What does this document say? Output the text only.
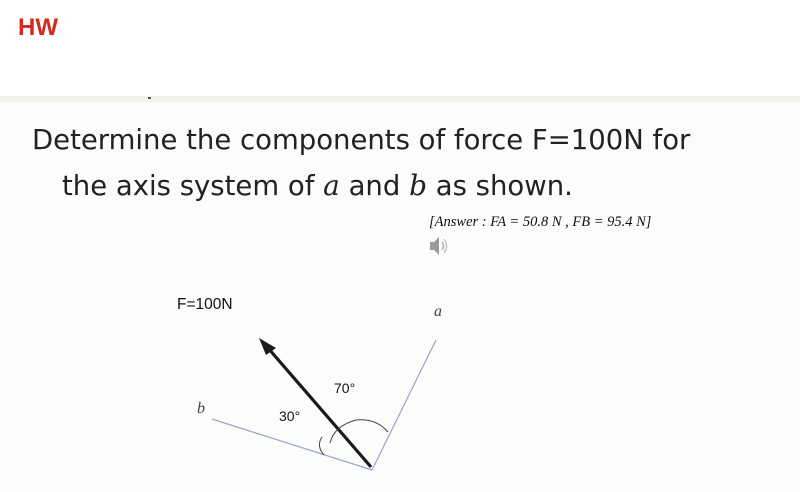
HW
Determine the components of force F=100N for
the axis system of a and b as shown.
[Answer : FA = 50.8 N , FB = 95.4 N]
F=100N	a
b
70°
30°
